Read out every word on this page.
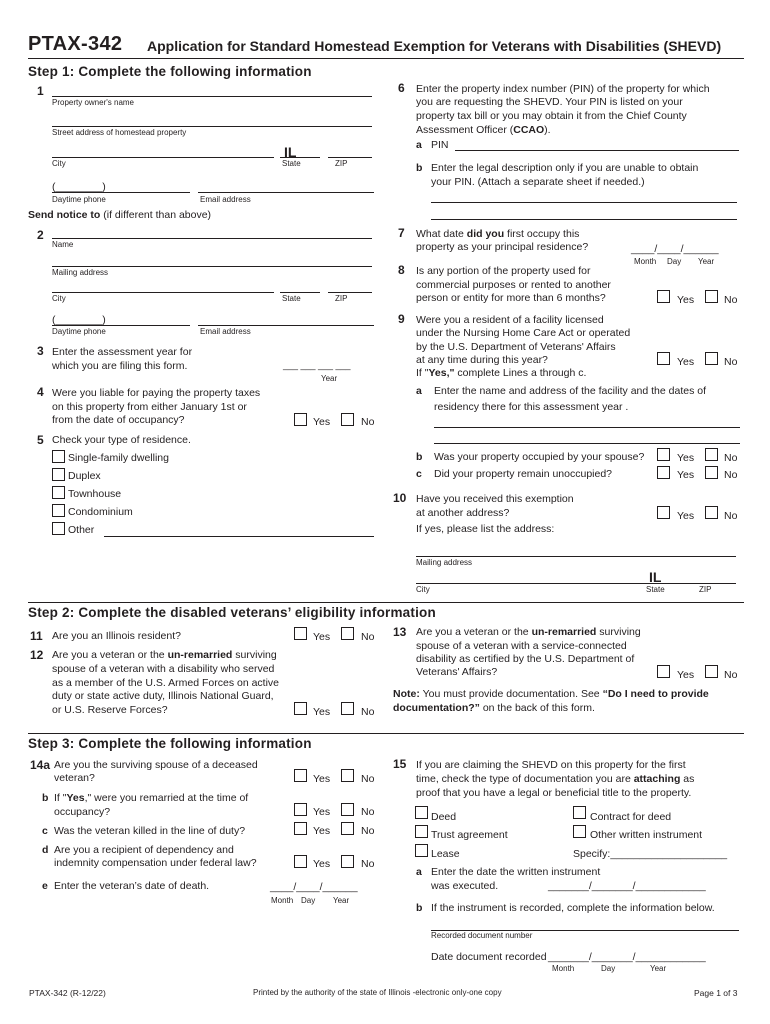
PTAX-342 Application for Standard Homestead Exemption for Veterans with Disabilities (SHEVD)
Step 1: Complete the following information
1
Property owner's name
Street address of homestead property
IL
City	State	ZIP
(________)
Daytime phone	Email address
Send notice to (if different than above)
2
Name
Mailing address
City	State	ZIP
(________)
Daytime phone	Email address
3 Enter the assessment year for
which you are filing this form.	___ ___ ___ ___
Year
4 Were you liable for paying the property taxes
on this property from either January 1st or
from the date of occupancy?	Yes	No
5 Check your type of residence.
Single-family dwelling
Duplex
Townhouse
Condominium
Other
6 Enter the property index number (PIN) of the property for which
you are requesting the SHEVD. Your PIN is listed on your
property tax bill or you may obtain it from the Chief County
Assessment Officer (CCAO).
a PIN
b Enter the legal description only if you are unable to obtain
your PIN. (Attach a separate sheet if needed.)
7 What date did you first occupy this
property as your principal residence?	____/____/______
Month Day Year
8 Is any portion of the property used for
commercial purposes or rented to another
person or entity for more than 6 months?	Yes	No
9 Were you a resident of a facility licensed
under the Nursing Home Care Act or operated
by the U.S. Department of Veterans' Affairs
at any time during this year?	Yes	No
If "Yes," complete Lines a through c.
a Enter the name and address of the facility and the dates of
residency there for this assessment year .
b Was your property occupied by your spouse?	Yes	No
c Did your property remain unoccupied?	Yes	No
10 Have you received this exemption
at another address?	Yes	No
If yes, please list the address:
Mailing address
IL
City	State	ZIP
Step 2: Complete the disabled veterans’ eligibility information
11 Are you an Illinois resident?	Yes	No
12 Are you a veteran or the un-remarried surviving
spouse of a veteran with a disability who served
as a member of the U.S. Armed Forces on active
duty or state active duty, Illinois National Guard,
or U.S. Reserve Forces?	Yes	No
13 Are you a veteran or the un-remarried surviving
spouse of a veteran with a service-connected
disability as certified by the U.S. Department of
Veterans' Affairs?	Yes	No
Note: You must provide documentation. See “Do I need to provide
documentation?” on the back of this form.
Step 3: Complete the following information
14a Are you the surviving spouse of a deceased
veteran?	Yes	No
b If "Yes," were you remarried at the time of
occupancy?	Yes	No
c Was the veteran killed in the line of duty?	Yes	No
d Are you a recipient of dependency and
indemnity compensation under federal law?	Yes	No
e Enter the veteran’s date of death.	____/____/______
Month Day Year
15 If you are claiming the SHEVD on this property for the first
time, check the type of documentation you are attaching as
proof that you have a legal or beneficial title to the property.
Deed
Trust agreement
Lease
Contract for deed
Other written instrument
Specify:____________________
a Enter the date the written instrument
was executed.	_______/_______/____________
b If the instrument is recorded, complete the information below.
Recorded document number
Date document recorded _______/_______/____________
Month	Day	Year
PTAX-342 (R-12/22)	Printed by the authority of the state of Illinois -electronic only-one copy	Page 1 of 3
